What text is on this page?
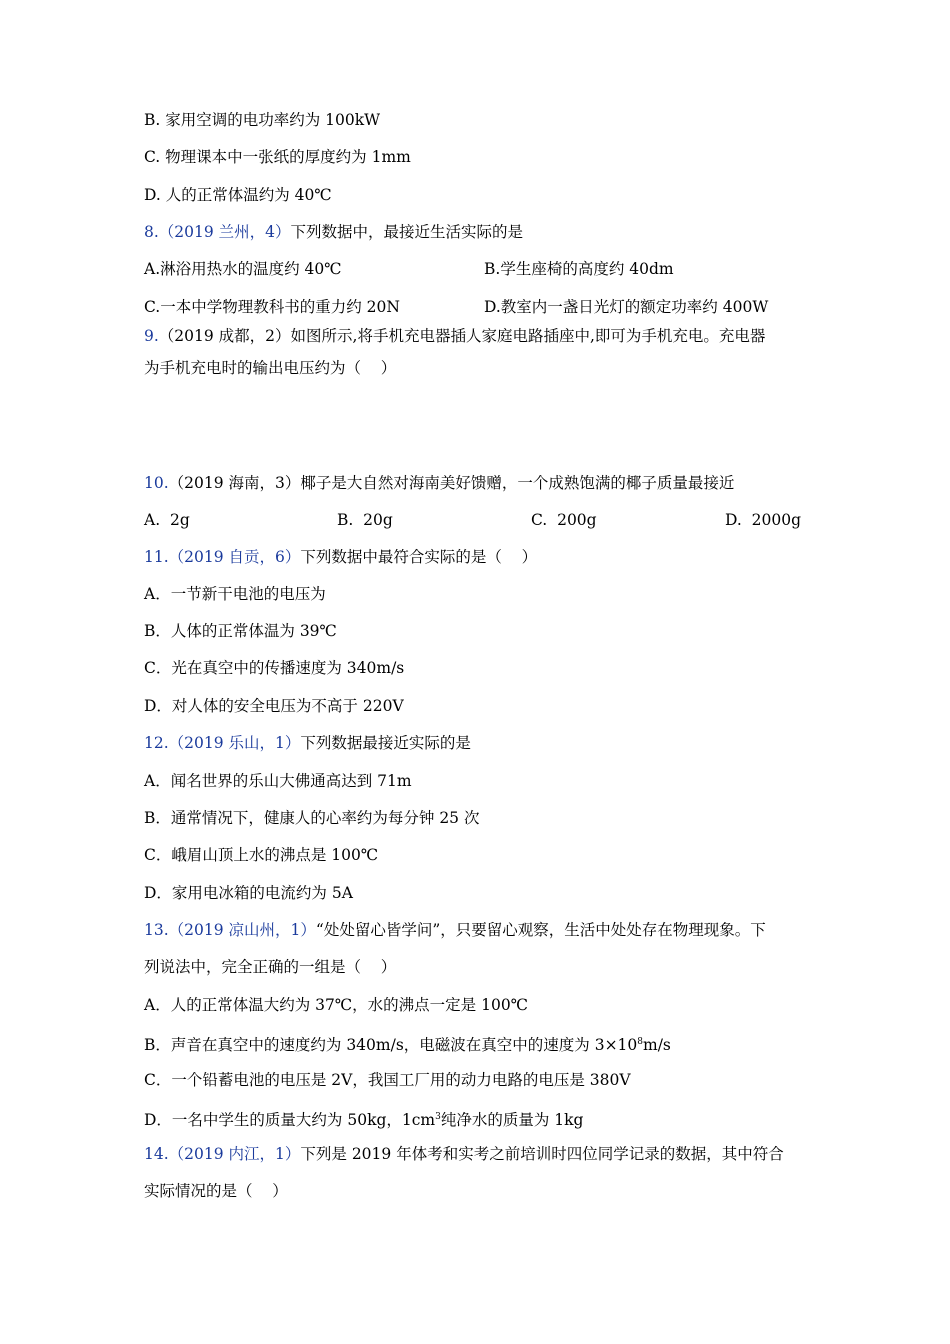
B. 家用空调的电功率约为 100kW
C. 物理课本中一张纸的厚度约为 1mm
D. 人的正常体温约为 40℃
8.（2019 兰州，4）下列数据中，最接近生活实际的是
A.淋浴用热水的温度约 40℃	B.学生座椅的高度约 40dm
C.一本中学物理教科书的重力约 20N	D.教室内一盏日光灯的额定功率约 400W
9.（2019 成都，2）如图所示,将手机充电器插人家庭电路插座中,即可为手机充电。充电器
为手机充电时的输出电压约为（    ）
10.（2019 海南，3）椰子是大自然对海南美好馈赠，一个成熟饱满的椰子质量最接近
A.  2g	B.  20g	C.  200g	D.  2000g
11.（2019 自贡，6）下列数据中最符合实际的是（    ）
A．一节新干电池的电压为
B．人体的正常体温为 39℃
C．光在真空中的传播速度为 340m/s
D．对人体的安全电压为不高于 220V
12.（2019 乐山，1）下列数据最接近实际的是
A．闻名世界的乐山大佛通高达到 71m
B．通常情况下，健康人的心率约为每分钟 25 次
C．峨眉山顶上水的沸点是 100℃
D．家用电冰箱的电流约为 5A
13.（2019 凉山州，1）“处处留心皆学问”，只要留心观察，生活中处处存在物理现象。下
列说法中，完全正确的一组是（    ）
A．人的正常体温大约为 37℃，水的沸点一定是 100℃
B．声音在真空中的速度约为 340m/s，电磁波在真空中的速度为 $3\times 10^8m/s$
C．一个铅蓄电池的电压是 2V，我国工厂用的动力电路的电压是 380V
D．一名中学生的质量大约为 50kg，$1cm^3$纯净水的质量为 1kg
14.（2019 内江，1）下列是 2019 年体考和实考之前培训时四位同学记录的数据，其中符合
实际情况的是（    ）
